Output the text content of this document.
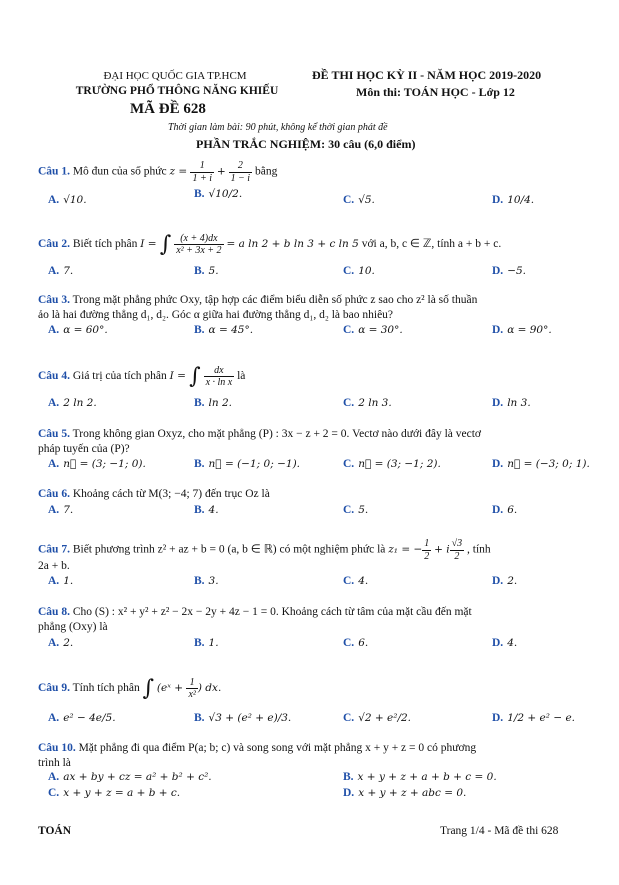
ĐẠI HỌC QUỐC GIA TP.HCM
TRƯỜNG PHỔ THÔNG NĂNG KHIẾU
MÃ ĐỀ 628
ĐỀ THI HỌC KỲ II - NĂM HỌC 2019-2020
Môn thi: TOÁN HỌC - Lớp 12
Thời gian làm bài: 90 phút, không kể thời gian phát đề
PHẦN TRẮC NGHIỆM: 30 câu (6,0 điểm)
Câu 1. Mô đun của số phức $z = \frac{1}{1 + i} + \frac{2}{1 - i}$ bằng
A. √10.	B. √10/2.	C. √5.	D. 10/4.
Câu 2. Biết tích phân I = ∫ $\frac{(x + 4)dx}{\text{x² + 3x + 2}} = a$ ln 2 + b ln 3 + c ln 5 với a, b, c ∈ ℤ, tính a + b + c.
A. 7.	B. 5.	C. 10.	D. −5.
Câu 3. Trong mặt phẳng phức Oxy, tập hợp các điểm biểu diễn số phức z sao cho z² là số thuần
ảo là hai đường thẳng d₁, d₂. Góc α giữa hai đường thẳng d₁, d₂ là bao nhiêu?
A. α = 60°.	B. α = 45°.	C. α = 30°.	D. α = 90°.
Câu 4. Giá trị của tích phân I = ∫ $\frac{dx}{\text{x · ln x}}$ là
A. 2 ln 2.	B. ln 2.	C. 2 ln 3.	D. ln 3.
Câu 5. Trong không gian Oxyz, cho mặt phẳng (P) : 3x − z + 2 = 0. Vectơ nào dưới đây là vectơ
pháp tuyến của (P)?
A. n⃗ = (3; −1; 0).	B. n⃗ = (−1; 0; −1).	C. n⃗ = (3; −1; 2).	D. n⃗ = (−3; 0; 1).
Câu 6. Khoảng cách từ M(3; −4; 7) đến trục Oz là
A. 7.	B. 4.	C. 5.	D. 6.
Câu 7. Biết phương trình z² + az + b = 0 (a, b ∈ ℝ) có một nghiệm phức là z₁ = − $\frac{1}{2} + i \frac{√3}{2}$ , tính
2a + b.
A. 1.	B. 3.	C. 4.	D. 2.
Câu 8. Cho (S) : x² + y² + z² − 2x − 2y + 4z − 1 = 0. Khoảng cách từ tâm của mặt cầu đến mặt
phẳng (Oxy) là
A. 2.	B. 1.	C. 6.	D. 4.
Câu 9. Tính tích phân ∫ (eˣ + $\frac{1}{\text{x²}}$ ) dx.
A. e² − 4e/5.	B. √3 + (e² + e)/3.	C. √2 + e²/2.	D. 1/2 + e² − e.
Câu 10. Mặt phẳng đi qua điểm P(a; b; c) và song song với mặt phẳng x + y + z = 0 có phương
trình là
A. ax + by + cz = a² + b² + c².	B. x + y + z + a + b + c = 0.
C. x + y + z = a + b + c.	D. x + y + z + abc = 0.
TOÁN	Trang 1/4 - Mã đề thi 628
